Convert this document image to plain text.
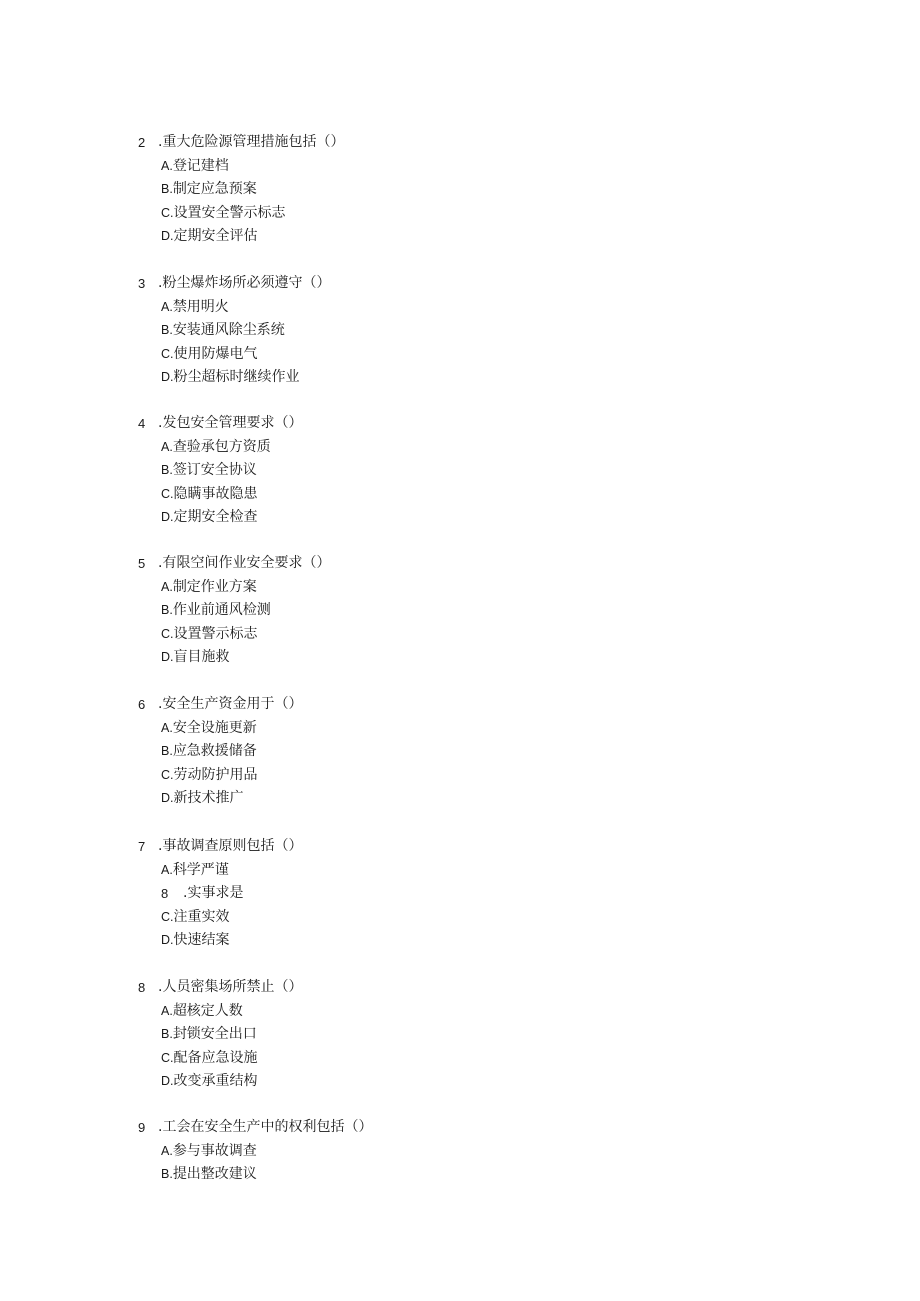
2 .重大危险源管理措施包括（）
A. 登记建档
B. 制定应急预案
C. 设置安全警示标志
D. 定期安全评估
3 .粉尘爆炸场所必须遵守（）
A. 禁用明火
B. 安装通风除尘系统
C. 使用防爆电气
D. 粉尘超标时继续作业
4 .发包安全管理要求（）
A. 查验承包方资质
B. 签订安全协议
C. 隐瞒事故隐患
D. 定期安全检查
5 .有限空间作业安全要求（）
A. 制定作业方案
B. 作业前通风检测
C. 设置警示标志
D. 盲目施救
6 .安全生产资金用于（）
A. 安全设施更新
B. 应急救援储备
C. 劳动防护用品
D. 新技术推广
7 .事故调查原则包括（）
A. 科学严谨
8	.实事求是
C. 注重实效
D. 快速结案
8 .人员密集场所禁止（）
A. 超核定人数
B. 封锁安全出口
C. 配备应急设施
D. 改变承重结构
9 .工会在安全生产中的权利包括（）
A. 参与事故调查
B. 提出整改建议
